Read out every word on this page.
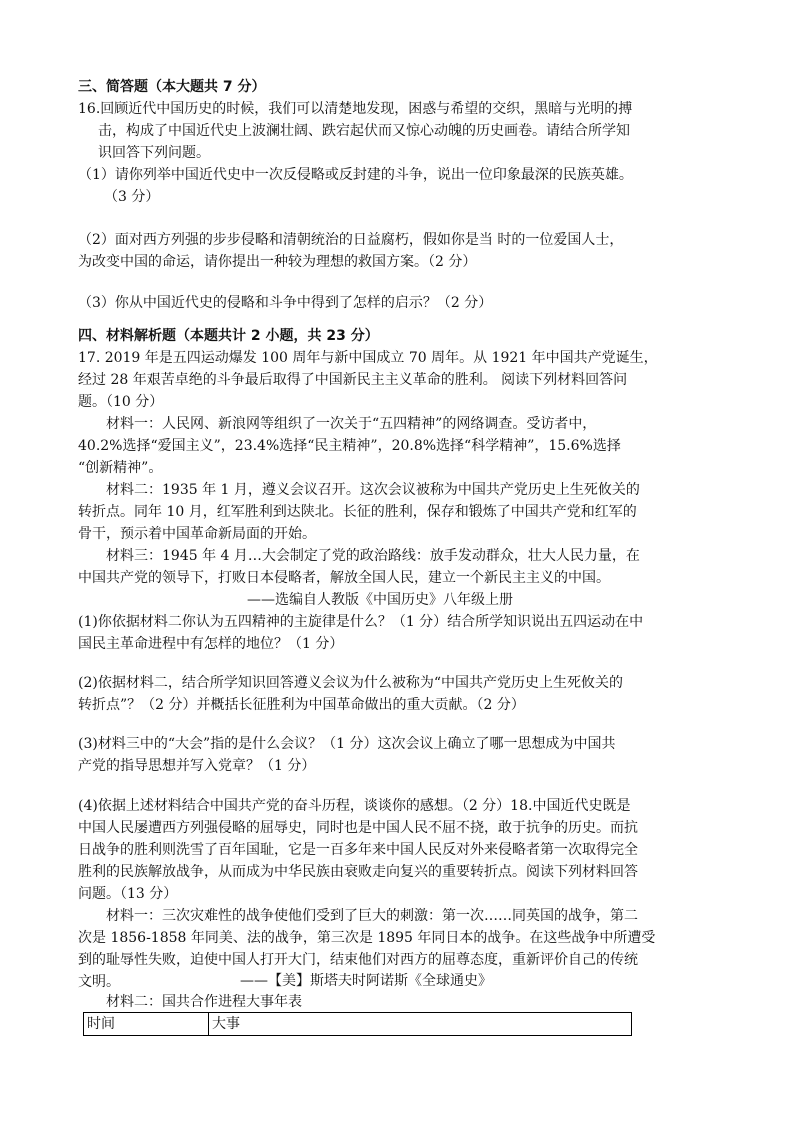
三、简答题（本大题共 7 分）

16.回顾近代中国历史的时候，我们可以清楚地发现，困惑与希望的交织，黑暗与光明的搏

击，构成了中国近代史上波澜壮阔、跌宕起伏而又惊心动魄的历史画卷。请结合所学知

识回答下列问题。

（1）请你列举中国近代史中一次反侵略或反封建的斗争，说出一位印象最深的民族英雄。

（3 分）

（2）面对西方列强的步步侵略和清朝统治的日益腐朽，假如你是当 时的一位爱国人士，

为改变中国的命运，请你提出一种较为理想的救国方案。（2 分）

（3）你从中国近代史的侵略和斗争中得到了怎样的启示？（2 分）

四、材料解析题（本题共计 2 小题，共 23 分）

17. 2019 年是五四运动爆发 100 周年与新中国成立 70 周年。从 1921 年中国共产党诞生，

经过 28 年艰苦卓绝的斗争最后取得了中国新民主主义革命的胜利。 阅读下列材料回答问

题。（10 分）

材料一：人民网、新浪网等组织了一次关于“五四精神”的网络调查。受访者中，

40.2%选择“爱国主义”，23.4%选择“民主精神”，20.8%选择“科学精神”，15.6%选择

“创新精神”。

材料二：1935 年 1 月，遵义会议召开。这次会议被称为中国共产党历史上生死攸关的

转折点。同年 10 月，红军胜利到达陕北。长征的胜利，保存和锻炼了中国共产党和红军的

骨干，预示着中国革命新局面的开始。

材料三：1945 年 4 月…大会制定了党的政治路线：放手发动群众，壮大人民力量，在

中国共产党的领导下，打败日本侵略者，解放全国人民，建立一个新民主主义的中国。

——选编自人教版《中国历史》八年级上册

(1)你依据材料二你认为五四精神的主旋律是什么？（1 分）结合所学知识说出五四运动在中

国民主革命进程中有怎样的地位？（1 分）

(2)依据材料二，结合所学知识回答遵义会议为什么被称为“中国共产党历史上生死攸关的

转折点”？（2 分）并概括长征胜利为中国革命做出的重大贡献。（2 分）

(3)材料三中的“大会”指的是什么会议？（1 分）这次会议上确立了哪一思想成为中国共

产党的指导思想并写入党章？（1 分）

(4)依据上述材料结合中国共产党的奋斗历程，谈谈你的感想。（2 分）18.中国近代史既是

中国人民屡遭西方列强侵略的屈辱史，同时也是中国人民不屈不挠，敢于抗争的历史。而抗

日战争的胜利则洗雪了百年国耻，它是一百多年来中国人民反对外来侵略者第一次取得完全

胜利的民族解放战争，从而成为中华民族由衰败走向复兴的重要转折点。阅读下列材料回答

问题。（13 分）

材料一：三次灾难性的战争使他们受到了巨大的刺激：第一次……同英国的战争，第二

次是 1856-1858 年同美、法的战争，第三次是 1895 年同日本的战争。在这些战争中所遭受

到的耻辱性失败，迫使中国人打开大门，结束他们对西方的屈尊态度，重新评价自己的传统

文明。	——【美】斯塔夫时阿诺斯《全球通史》

材料二：国共合作进程大事年表

时间	大事
